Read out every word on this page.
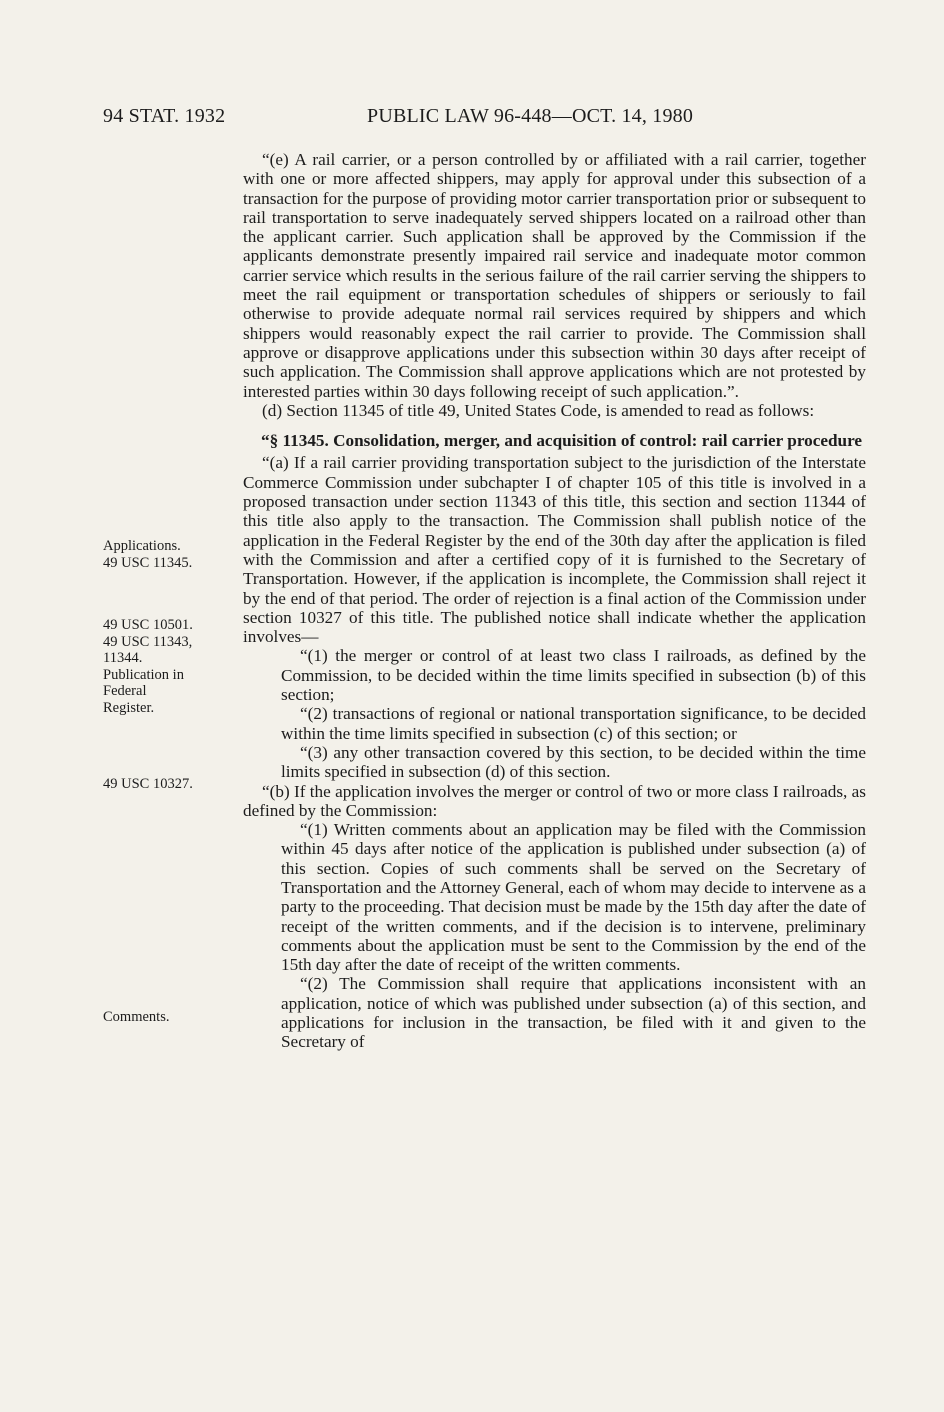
94 STAT. 1932	PUBLIC LAW 96-448—OCT. 14, 1980
Applications.
49 USC 11345.
49 USC 10501.
49 USC 11343,
11344.
Publication in
Federal
Register.
49 USC 10327.
Comments.

“(e) A rail carrier, or a person controlled by or affiliated with a rail carrier, together with one or more affected shippers, may apply for approval under this subsection of a transaction for the purpose of providing motor carrier transportation prior or subsequent to rail transportation to serve inadequately served shippers located on a railroad other than the applicant carrier. Such application shall be approved by the Commission if the applicants demonstrate presently impaired rail service and inadequate motor common carrier service which results in the serious failure of the rail carrier serving the shippers to meet the rail equipment or transportation schedules of shippers or seriously to fail otherwise to provide adequate normal rail services required by shippers and which shippers would reasonably expect the rail carrier to provide. The Commission shall approve or disapprove applications under this subsection within 30 days after receipt of such application. The Commission shall approve applications which are not protested by interested parties within 30 days following receipt of such application.”.

(d) Section 11345 of title 49, United States Code, is amended to read as follows:

“§ 11345. Consolidation, merger, and acquisition of control: rail carrier procedure

“(a) If a rail carrier providing transportation subject to the jurisdiction of the Interstate Commerce Commission under subchapter I of chapter 105 of this title is involved in a proposed transaction under section 11343 of this title, this section and section 11344 of this title also apply to the transaction. The Commission shall publish notice of the application in the Federal Register by the end of the 30th day after the application is filed with the Commission and after a certified copy of it is furnished to the Secretary of Transportation. However, if the application is incomplete, the Commission shall reject it by the end of that period. The order of rejection is a final action of the Commission under section 10327 of this title. The published notice shall indicate whether the application involves—

“(1) the merger or control of at least two class I railroads, as defined by the Commission, to be decided within the time limits specified in subsection (b) of this section;

“(2) transactions of regional or national transportation significance, to be decided within the time limits specified in subsection (c) of this section; or

“(3) any other transaction covered by this section, to be decided within the time limits specified in subsection (d) of this section.

“(b) If the application involves the merger or control of two or more class I railroads, as defined by the Commission:

“(1) Written comments about an application may be filed with the Commission within 45 days after notice of the application is published under subsection (a) of this section. Copies of such comments shall be served on the Secretary of Transportation and the Attorney General, each of whom may decide to intervene as a party to the proceeding. That decision must be made by the 15th day after the date of receipt of the written comments, and if the decision is to intervene, preliminary comments about the application must be sent to the Commission by the end of the 15th day after the date of receipt of the written comments.

“(2) The Commission shall require that applications inconsistent with an application, notice of which was published under subsection (a) of this section, and applications for inclusion in the transaction, be filed with it and given to the Secretary of
